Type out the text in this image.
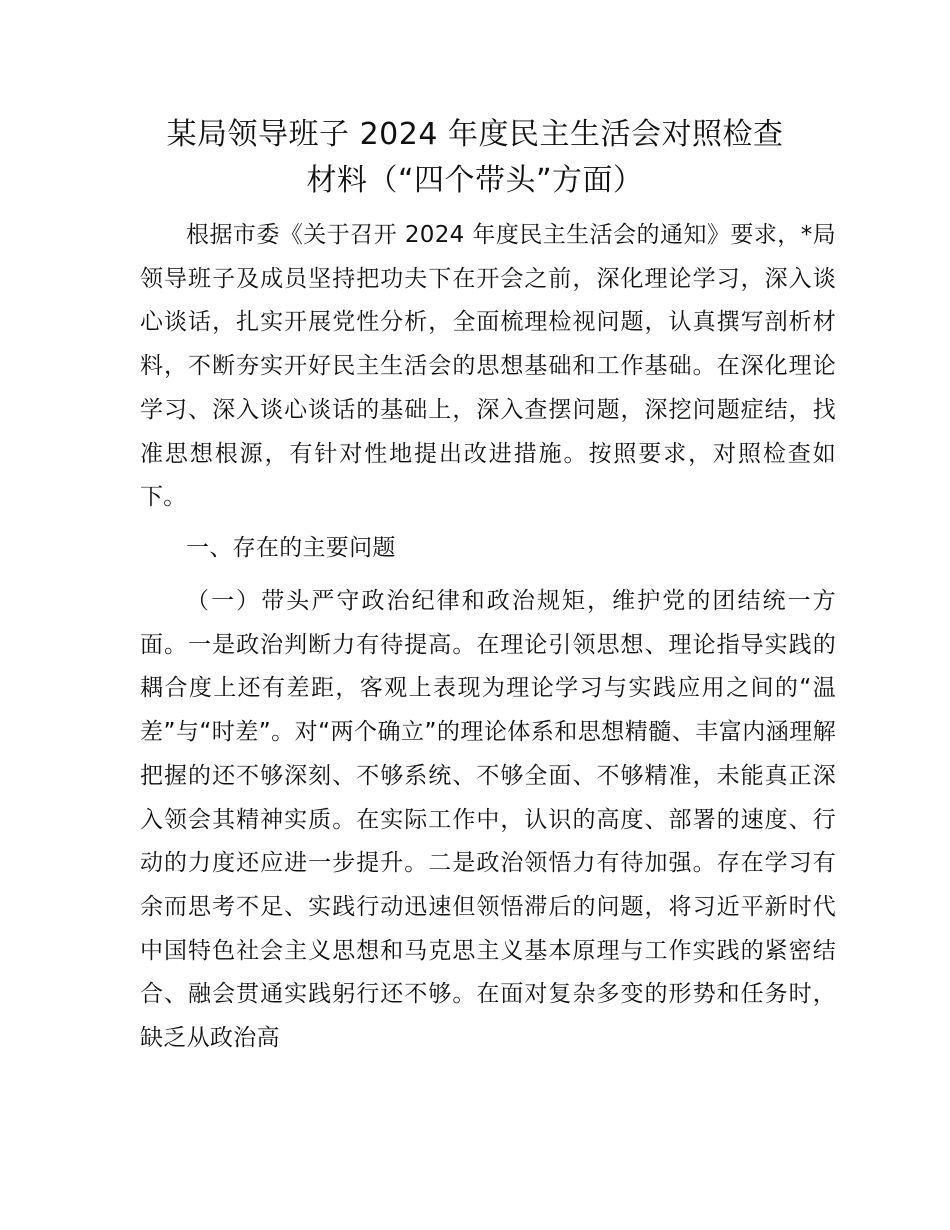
某局领导班子 2024 年度民主生活会对照检查
材料（“四个带头”方面）

根据市委《关于召开 2024 年度民主生活会的通知》要求，*局领导班子及成员坚持把功夫下在开会之前，深化理论学习，深入谈心谈话，扎实开展党性分析，全面梳理检视问题，认真撰写剖析材料，不断夯实开好民主生活会的思想基础和工作基础。在深化理论学习、深入谈心谈话的基础上，深入查摆问题，深挖问题症结，找准思想根源，有针对性地提出改进措施。按照要求，对照检查如下。

一、存在的主要问题

（一）带头严守政治纪律和政治规矩，维护党的团结统一方面。一是政治判断力有待提高。在理论引领思想、理论指导实践的耦合度上还有差距，客观上表现为理论学习与实践应用之间的“温差”与“时差”。对“两个确立”的理论体系和思想精髓、丰富内涵理解把握的还不够深刻、不够系统、不够全面、不够精准，未能真正深入领会其精神实质。在实际工作中，认识的高度、部署的速度、行动的力度还应进一步提升。二是政治领悟力有待加强。存在学习有余而思考不足、实践行动迅速但领悟滞后的问题，将习近平新时代中国特色社会主义思想和马克思主义基本原理与工作实践的紧密结合、融会贯通实践躬行还不够。在面对复杂多变的形势和任务时，缺乏从政治高
